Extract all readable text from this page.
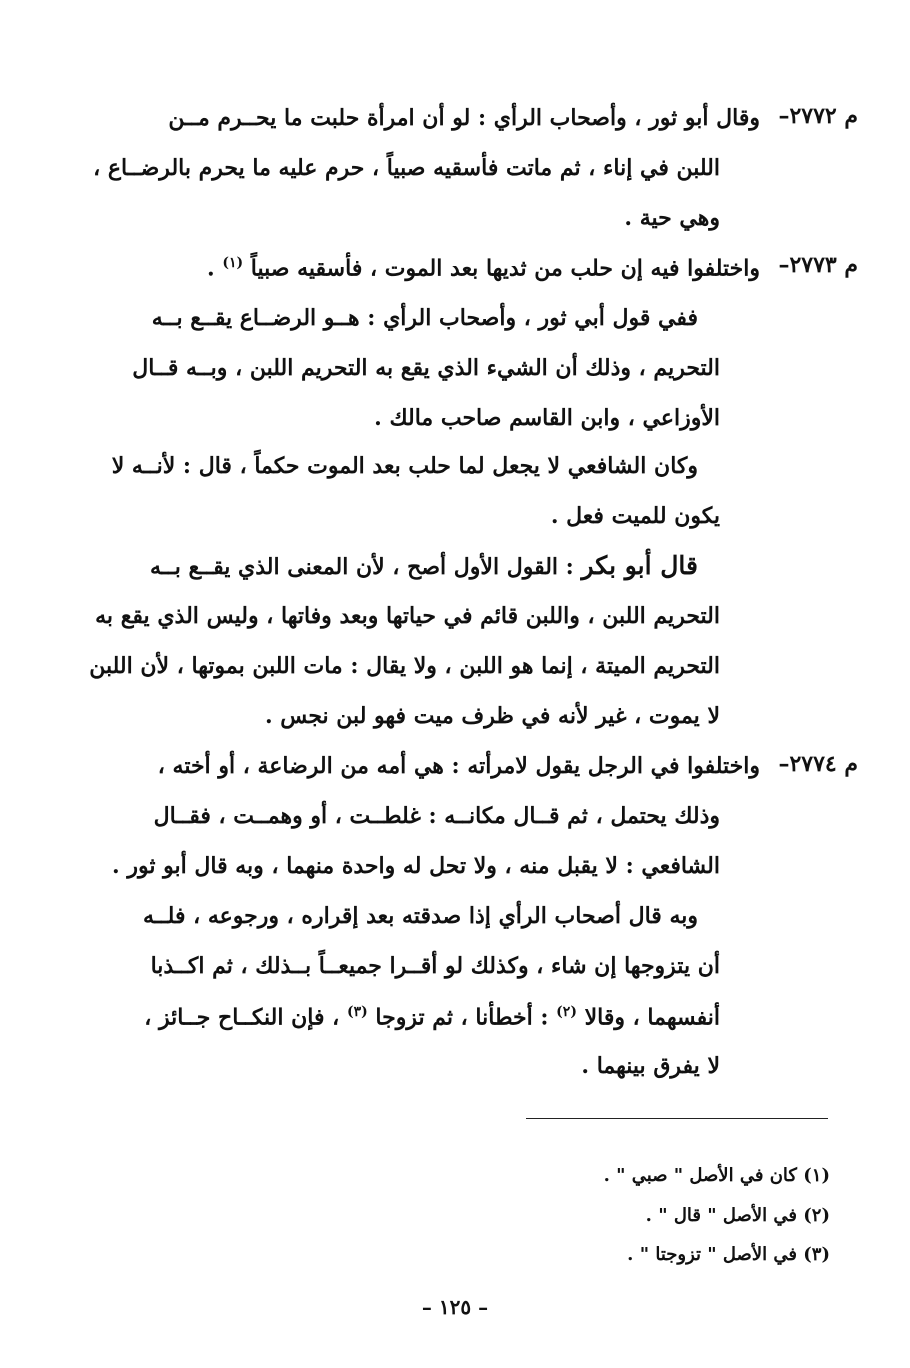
م ٢٧٧٢–
وقال أبو ثور ، وأصحاب الرأي : لو أن امرأة حلبت ما يحــرم مــن
اللبن في إناء ، ثم ماتت فأسقيه صبياً ، حرم عليه ما يحرم بالرضــاع ،
وهي حية .
م ٢٧٧٣–
واختلفوا فيه إن حلب من ثديها بعد الموت ، فأسقيه صبياً $^{(١)}$ .
ففي قول أبي ثور ، وأصحاب الرأي : هــو الرضــاع يقــع بــه
التحريم ، وذلك أن الشيء الذي يقع به التحريم اللبن ، وبــه قــال
الأوزاعي ، وابن القاسم صاحب مالك .
وكان الشافعي لا يجعل لما حلب بعد الموت حكماً ، قال : لأنــه لا
يكون للميت فعل .
قال أبو بكر : القول الأول أصح ، لأن المعنى الذي يقــع بــه
التحريم اللبن ، واللبن قائم في حياتها وبعد وفاتها ، وليس الذي يقع به
التحريم الميتة ، إنما هو اللبن ، ولا يقال : مات اللبن بموتها ، لأن اللبن
لا يموت ، غير لأنه في ظرف ميت فهو لبن نجس .
م ٢٧٧٤–
واختلفوا في الرجل يقول لامرأته : هي أمه من الرضاعة ، أو أخته ،
وذلك يحتمل ، ثم قــال مكانــه : غلطــت ، أو وهمــت ، فقــال
الشافعي : لا يقبل منه ، ولا تحل له واحدة منهما ، وبه قال أبو ثور .
وبه قال أصحاب الرأي إذا صدقته بعد إقراره ، ورجوعه ، فلــه
أن يتزوجها إن شاء ، وكذلك لو أقــرا جميعــاً بــذلك ، ثم اكــذبا
أنفسهما ، وقالا $^{(٢)}$ : أخطأنا ، ثم تزوجا $^{(٣)}$ ، فإن النكــاح جــائز ،
لا يفرق بينهما .
(١) كان في الأصل " صبي " .
(٢) في الأصل " قال " .
(٣) في الأصل " تزوجتا " .
– ١٢٥ –
